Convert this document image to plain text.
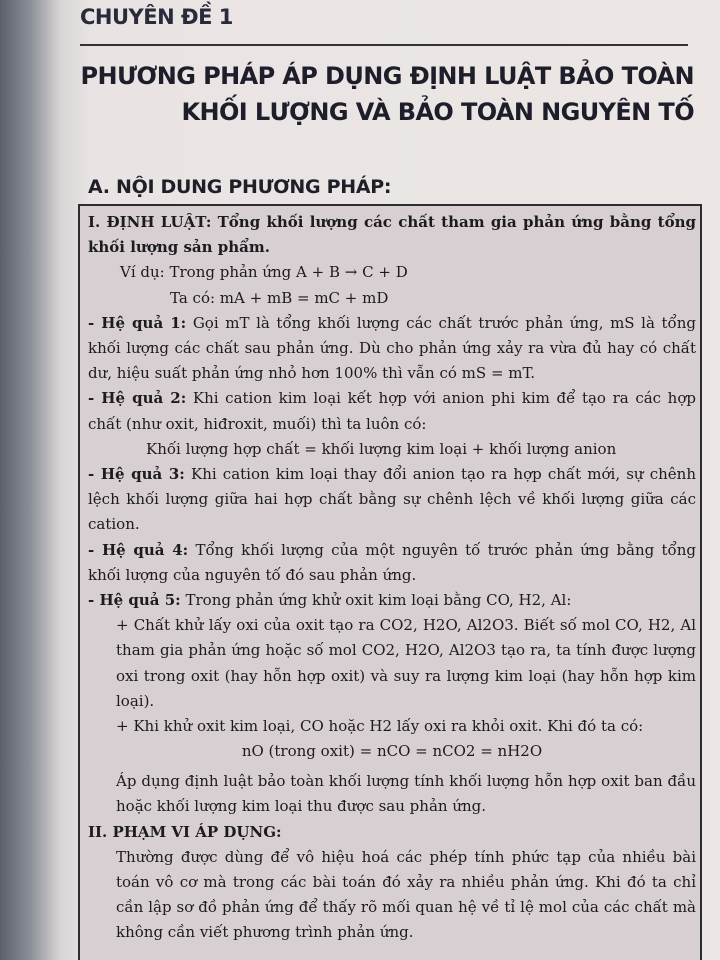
CHUYÊN ĐỀ 1
PHƯƠNG PHÁP ÁP DỤNG ĐỊNH LUẬT BẢO TOÀN
KHỐI LƯỢNG VÀ BẢO TOÀN NGUYÊN TỐ
A. NỘI DUNG PHƯƠNG PHÁP:

I. ĐỊNH LUẬT: Tổng khối lượng các chất tham gia phản ứng bằng tổng khối lượng sản phẩm.

Ví dụ: Trong phản ứng A + B → C + D

Ta có: mA + mB = mC + mD

- Hệ quả 1: Gọi mT là tổng khối lượng các chất trước phản ứng, mS là tổng khối lượng các chất sau phản ứng. Dù cho phản ứng xảy ra vừa đủ hay có chất dư, hiệu suất phản ứng nhỏ hơn 100% thì vẫn có mS = mT.

- Hệ quả 2: Khi cation kim loại kết hợp với anion phi kim để tạo ra các hợp chất (như oxit, hiđroxit, muối) thì ta luôn có:

Khối lượng hợp chất = khối lượng kim loại + khối lượng anion

- Hệ quả 3: Khi cation kim loại thay đổi anion tạo ra hợp chất mới, sự chênh lệch khối lượng giữa hai hợp chất bằng sự chênh lệch về khối lượng giữa các cation.

- Hệ quả 4: Tổng khối lượng của một nguyên tố trước phản ứng bằng tổng khối lượng của nguyên tố đó sau phản ứng.

- Hệ quả 5: Trong phản ứng khử oxit kim loại bằng CO, H2, Al:

+ Chất khử lấy oxi của oxit tạo ra CO2, H2O, Al2O3. Biết số mol CO, H2, Al tham gia phản ứng hoặc số mol CO2, H2O, Al2O3 tạo ra, ta tính được lượng oxi trong oxit (hay hỗn hợp oxit) và suy ra lượng kim loại (hay hỗn hợp kim loại).

+ Khi khử oxit kim loại, CO hoặc H2 lấy oxi ra khỏi oxit. Khi đó ta có:

nO (trong oxit) = nCO = nCO2 = nH2O

Áp dụng định luật bảo toàn khối lượng tính khối lượng hỗn hợp oxit ban đầu hoặc khối lượng kim loại thu được sau phản ứng.

II. PHẠM VI ÁP DỤNG:

Thường được dùng để vô hiệu hoá các phép tính phức tạp của nhiều bài toán vô cơ mà trong các bài toán đó xảy ra nhiều phản ứng. Khi đó ta chỉ cần lập sơ đồ phản ứng để thấy rõ mối quan hệ về tỉ lệ mol của các chất mà không cần viết phương trình phản ứng.
